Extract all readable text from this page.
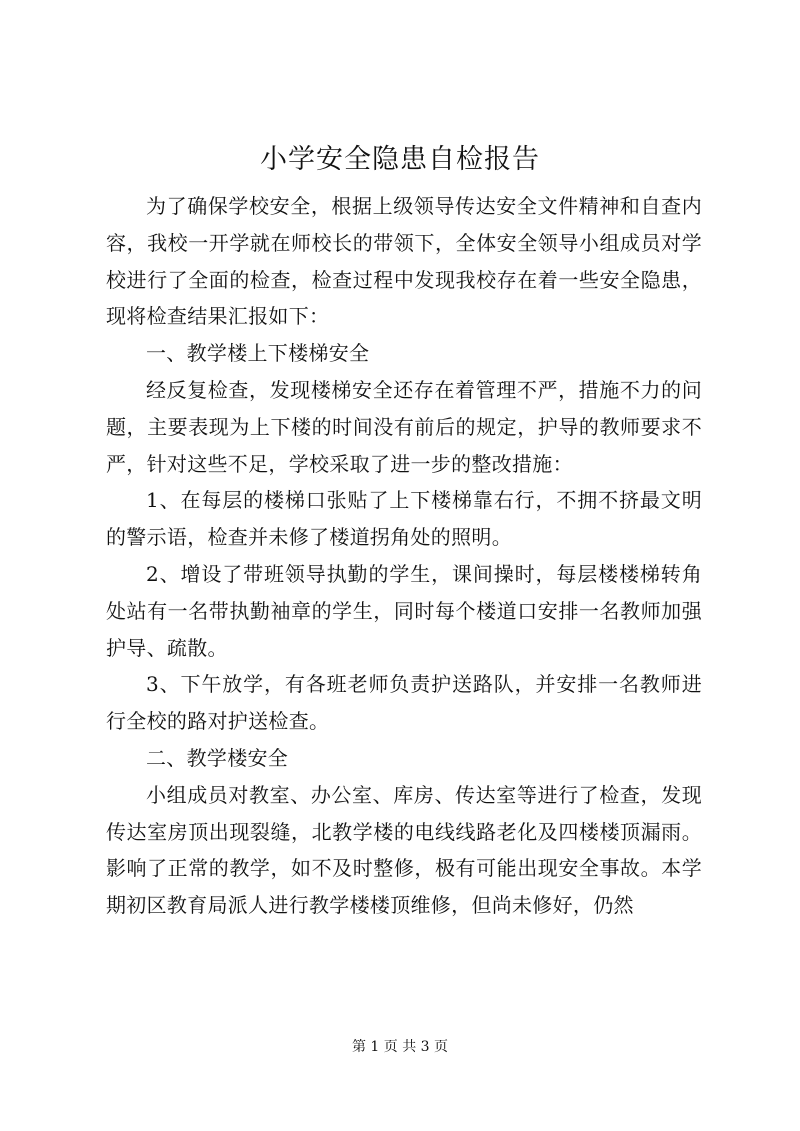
小学安全隐患自检报告

为了确保学校安全，根据上级领导传达安全文件精神和自查内容，我校一开学就在师校长的带领下，全体安全领导小组成员对学校进行了全面的检查，检查过程中发现我校存在着一些安全隐患，现将检查结果汇报如下：

一、教学楼上下楼梯安全

经反复检查，发现楼梯安全还存在着管理不严，措施不力的问题，主要表现为上下楼的时间没有前后的规定，护导的教师要求不严，针对这些不足，学校采取了进一步的整改措施：

1、在每层的楼梯口张贴了上下楼梯靠右行，不拥不挤最文明的警示语，检查并未修了楼道拐角处的照明。

2、增设了带班领导执勤的学生，课间操时，每层楼楼梯转角处站有一名带执勤袖章的学生，同时每个楼道口安排一名教师加强护导、疏散。

3、下午放学，有各班老师负责护送路队，并安排一名教师进行全校的路对护送检查。

二、教学楼安全

小组成员对教室、办公室、库房、传达室等进行了检查，发现传达室房顶出现裂缝，北教学楼的电线线路老化及四楼楼顶漏雨。影响了正常的教学，如不及时整修，极有可能出现安全事故。本学期初区教育局派人进行教学楼楼顶维修，但尚未修好，仍然

第 1 页 共 3 页
